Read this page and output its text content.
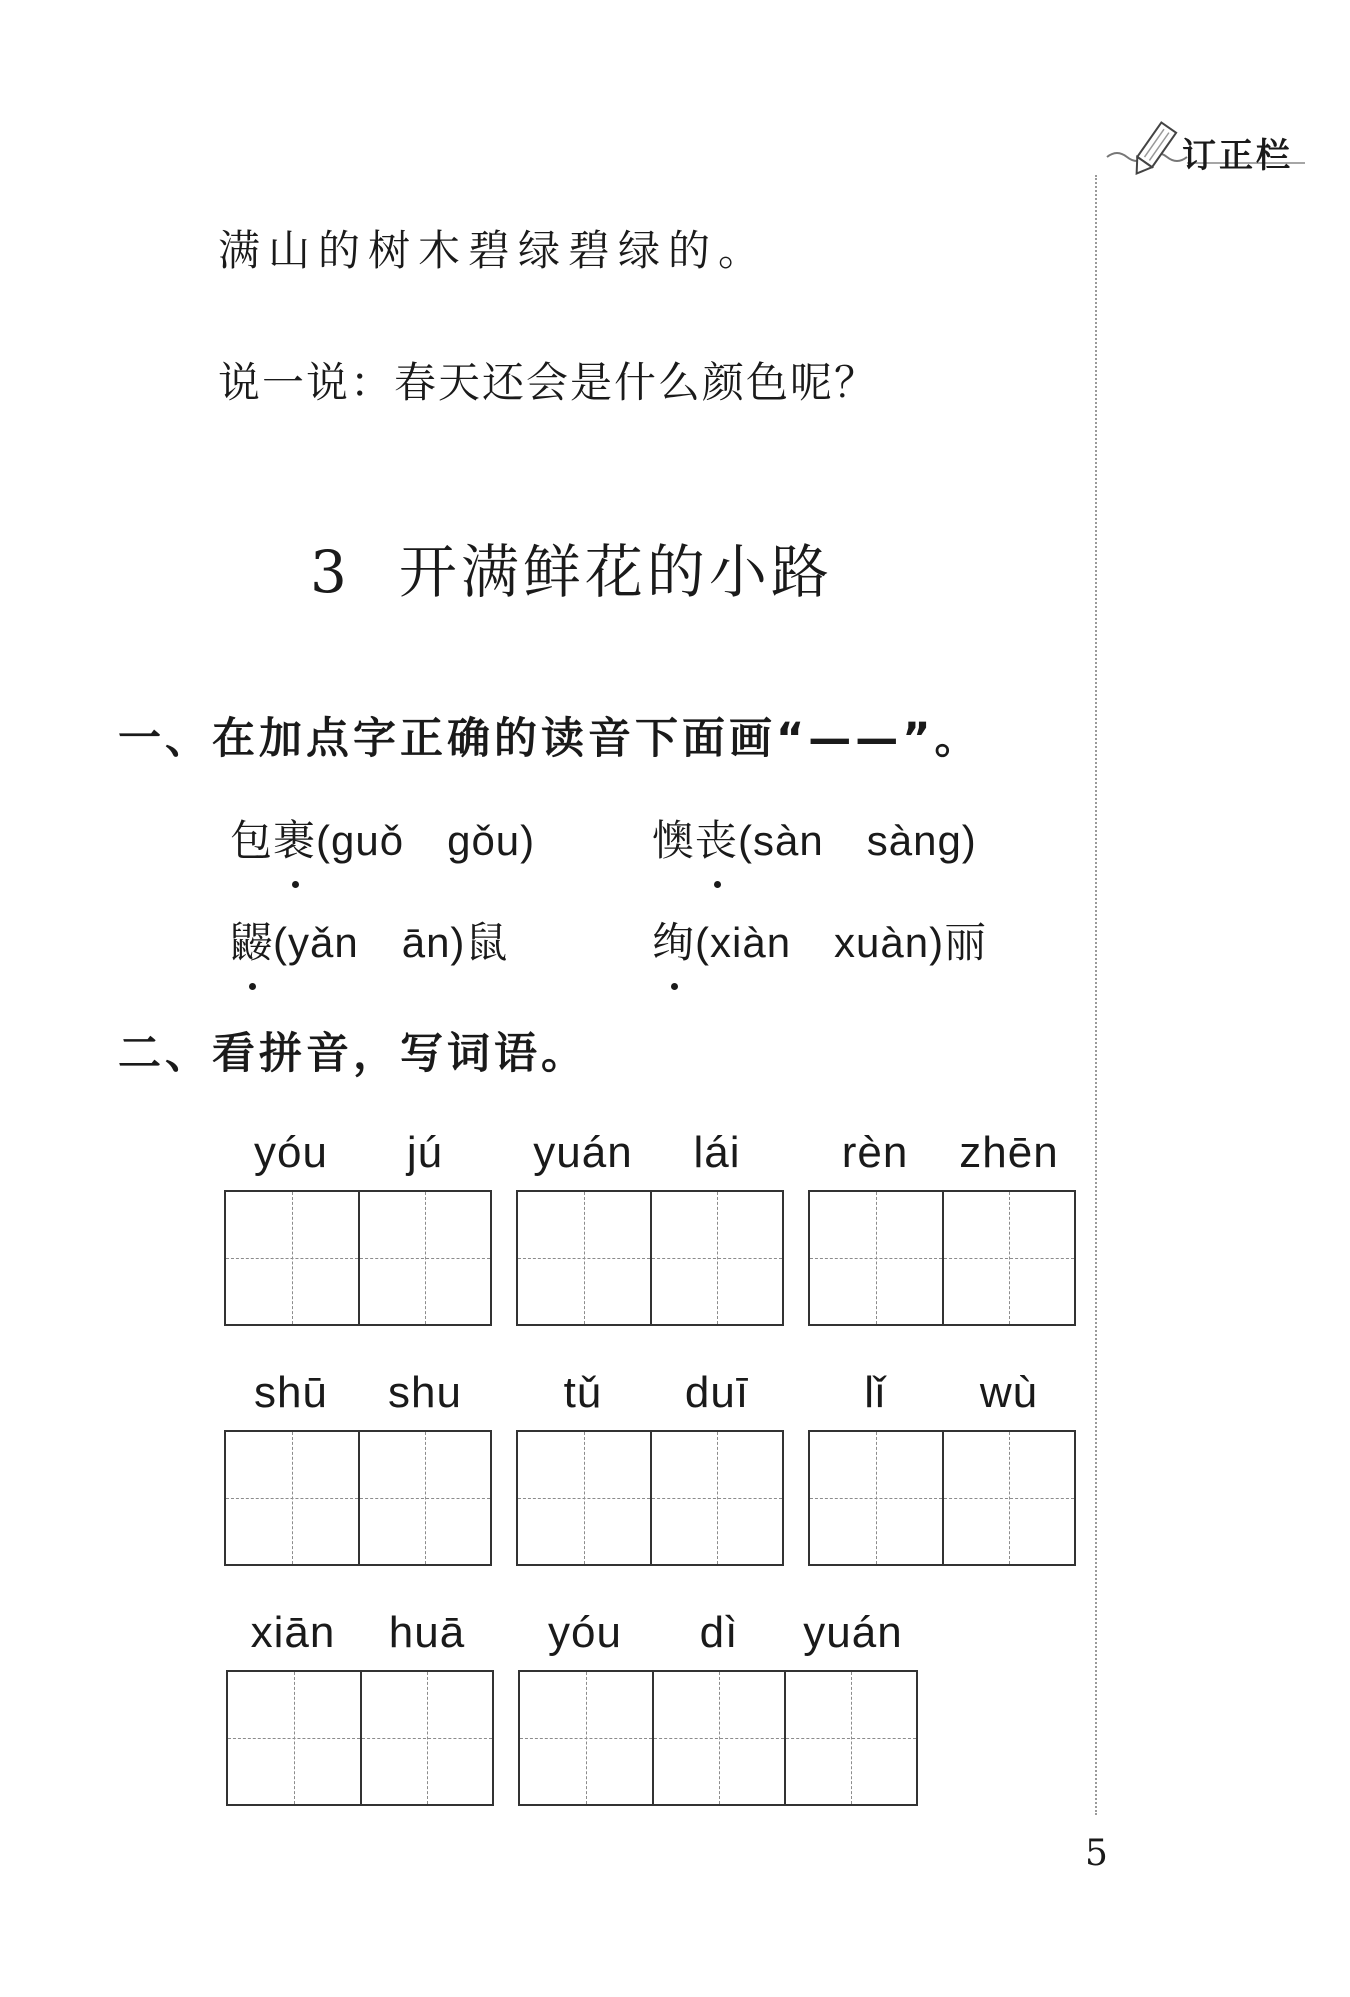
订正栏
满山的树木碧绿碧绿的。
说一说：春天还会是什么颜色呢？
3 开满鲜花的小路
一、在加点字正确的读音下面画“——”。
包裹(guǒ　gǒu)	懊丧(sàn　sàng)
鼹(yǎn　ān)鼠	绚(xiàn　xuàn)丽
二、看拼音，写词语。
yóu	jú	yuán	lái	rèn	zhēn
shū	shu	tǔ	duī	lǐ	wù
xiān	huā	yóu	dì	yuán
5
